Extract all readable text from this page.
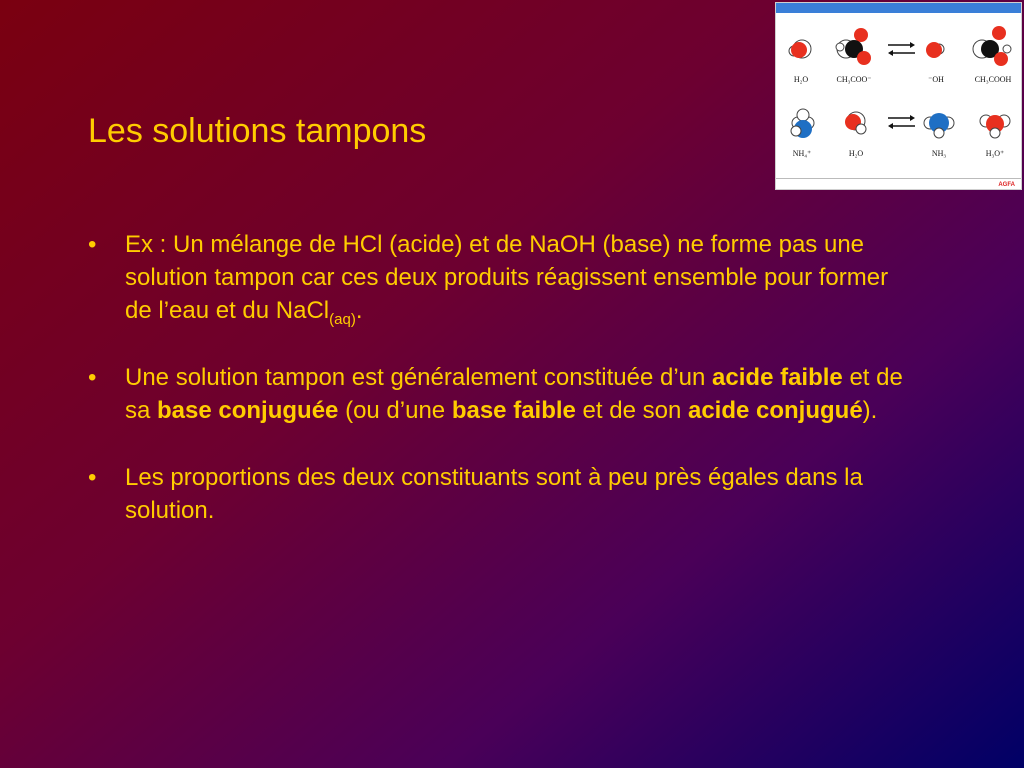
Les solutions tampons
• Ex : Un mélange de HCl (acide) et de NaOH (base) ne forme pas une solution tampon car ces deux produits réagissent ensemble pour former de l’eau et du NaCl$_{(aq)}$.
• Une solution tampon est généralement constituée d’un acide faible et de sa base conjuguée (ou d’une base faible et de son acide conjugué).
• Les proportions des deux constituants sont à peu près égales dans la solution.
H₂O	CH₃COO⁻	⁻OH	CH₃COOH
NH₄⁺	H₂O	NH₃	H₃O⁺
AGFA
